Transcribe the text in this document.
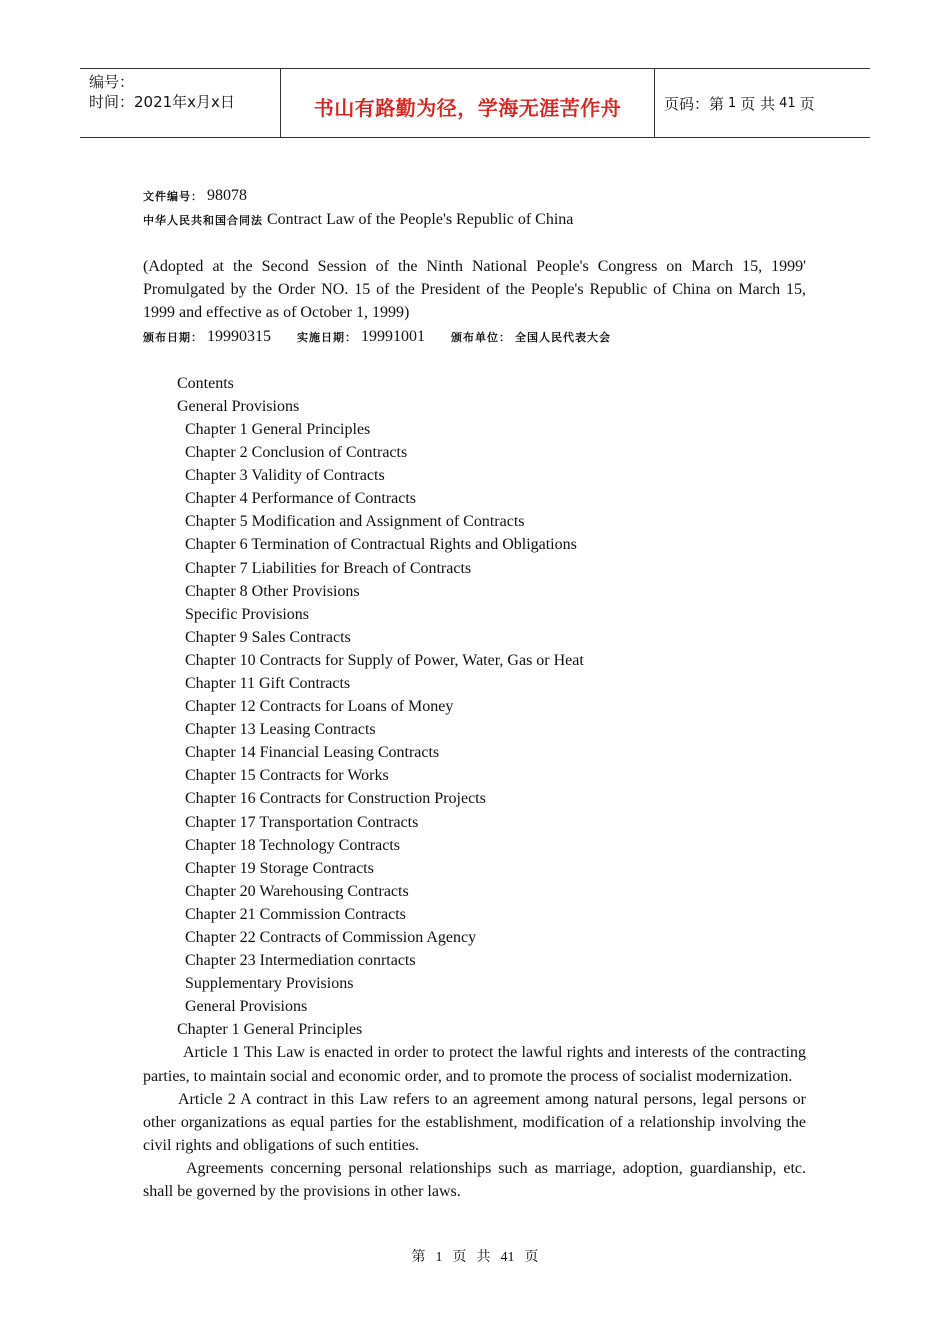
编号：
时间：2021年x月x日	书山有路勤为径，学海无涯苦作舟	页码：第 1 页 共 41 页

文件编号： 98078

中华人民共和国合同法 Contract Law of the People's Republic of China

(Adopted at the Second Session of the Ninth National People's Congress on March 15, 1999' Promulgated by the Order NO. 15 of the President of the People's Republic of China on March 15, 1999 and effective as of October 1, 1999)

颁布日期： 19990315 实施日期： 19991001 颁布单位： 全国人民代表大会

Contents

General Provisions

Chapter 1 General Principles

Chapter 2 Conclusion of Contracts

Chapter 3 Validity of Contracts

Chapter 4 Performance of Contracts

Chapter 5 Modification and Assignment of Contracts

Chapter 6 Termination of Contractual Rights and Obligations

Chapter 7 Liabilities for Breach of Contracts

Chapter 8 Other Provisions

Specific Provisions

Chapter 9 Sales Contracts

Chapter 10 Contracts for Supply of Power, Water, Gas or Heat

Chapter 11 Gift Contracts

Chapter 12 Contracts for Loans of Money

Chapter 13 Leasing Contracts

Chapter 14 Financial Leasing Contracts

Chapter 15 Contracts for Works

Chapter 16 Contracts for Construction Projects

Chapter 17 Transportation Contracts

Chapter 18 Technology Contracts

Chapter 19 Storage Contracts

Chapter 20 Warehousing Contracts

Chapter 21 Commission Contracts

Chapter 22 Contracts of Commission Agency

Chapter 23 Intermediation conrtacts

Supplementary Provisions

General Provisions

Chapter 1 General Principles

Article 1 This Law is enacted in order to protect the lawful rights and interests of the contracting parties, to maintain social and economic order, and to promote the process of socialist modernization.

Article 2 A contract in this Law refers to an agreement among natural persons, legal persons or other organizations as equal parties for the establishment, modification of a relationship involving the civil rights and obligations of such entities.

Agreements concerning personal relationships such as marriage, adoption, guardianship, etc. shall be governed by the provisions in other laws.

第 1 页 共 41 页
